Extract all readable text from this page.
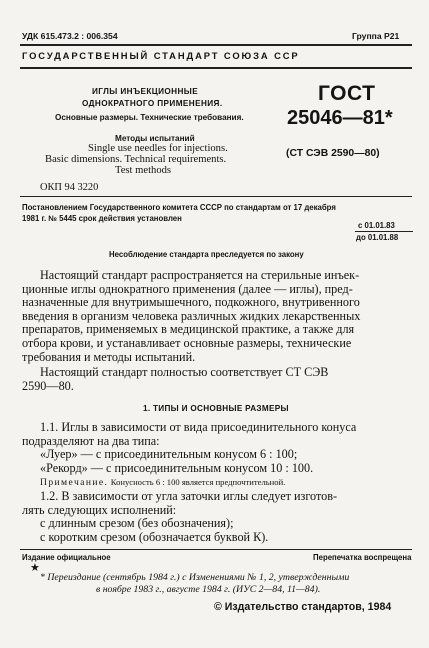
УДК 615.473.2 : 006.354	Группа Р21
ГОСУДАРСТВЕННЫЙ СТАНДАРТ СОЮЗА ССР
ИГЛЫ ИНЪЕКЦИОННЫЕ
ОДНОКРАТНОГО ПРИМЕНЕНИЯ.
Основные размеры. Технические требования.
Методы испытаний
Single use needles for injections.
Basic dimensions. Technical requirements.
Test methods
ОКП 94 3220
ГОСТ
25046—81*
(СТ СЭВ 2590—80)
Постановлением Государственного комитета СССР по стандартам от 17 декабря
1981 г. № 5445 срок действия установлен
с 01.01.83
до 01.01.88
Несоблюдение стандарта преследуется по закону
Настоящий стандарт распространяется на стерильные инъек-
ционные иглы однократного применения (далее — иглы), пред-
назначенные для внутримышечного, подкожного, внутривенного
введения в организм человека различных жидких лекарственных
препаратов, применяемых в медицинской практике, а также для
отбора крови, и устанавливает основные размеры, технические
требования и методы испытаний.
Настоящий стандарт полностью соответствует СТ СЭВ
2590—80.
1. ТИПЫ И ОСНОВНЫЕ РАЗМЕРЫ
1.1. Иглы в зависимости от вида присоединительного конуса
подразделяют на два типа:
«Луер» — с присоединительным конусом 6 : 100;
«Рекорд» — с присоединительным конусом 10 : 100.
Примечание. Конусность 6 : 100 является предпочтительной.
1.2. В зависимости от угла заточки иглы следует изготов-
лять следующих исполнений:
с длинным срезом (без обозначения);
с коротким срезом (обозначается буквой К).
Издание официальное	Перепечатка воспрещена
★
* Переиздание (сентябрь 1984 г.) с Изменениями № 1, 2, утвержденными
в ноябре 1983 г., августе 1984 г. (ИУС 2—84, 11—84).
© Издательство стандартов, 1984
